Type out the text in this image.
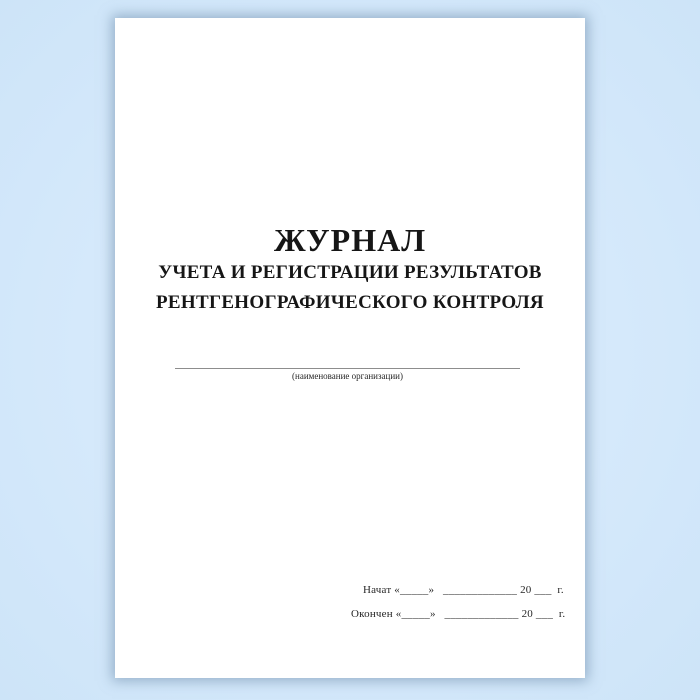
ЖУРНАЛ
УЧЕТА И РЕГИСТРАЦИИ РЕЗУЛЬТАТОВ
РЕНТГЕНОГРАФИЧЕСКОГО КОНТРОЛЯ
(наименование организации)
Начат «_____»   _____________ 20 ___  г.
Окончен «_____»   _____________ 20 ___  г.
